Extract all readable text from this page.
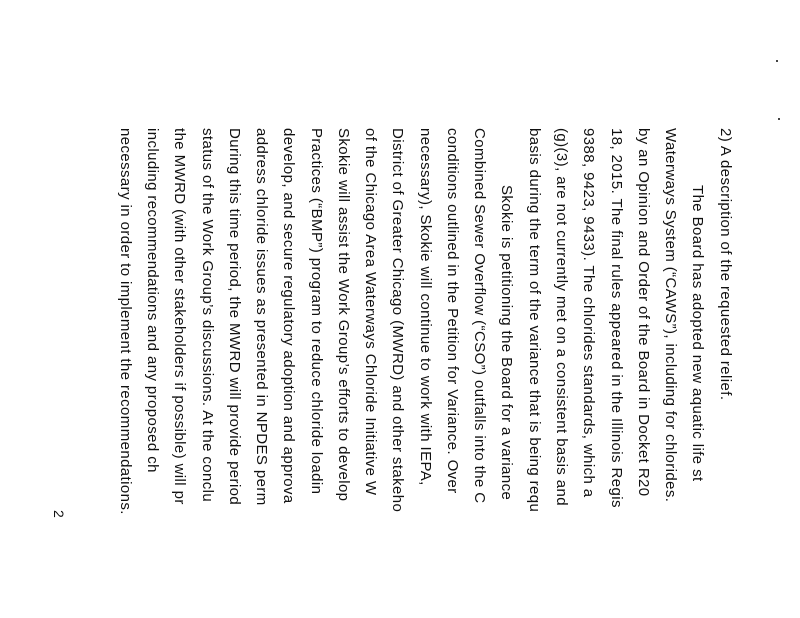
2) A description of the requested relief.
The Board has adopted new aquatic life st
Waterways System (“CAWS”), including for chlorides.
by an Opinion and Order of the Board in Docket R20
18, 2015. The final rules appeared in the Illinois Regis
9388, 9423, 9433). The chlorides standards, which a
(g)(3), are not currently met on a consistent basis and
basis during the term of the variance that is being requ
Skokie is petitioning the Board for a variance
Combined Sewer Overflow (“CSO”) outfalls into the C
conditions outlined in the Petition for Variance. Over
necessary), Skokie will continue to work with IEPA,
District of Greater Chicago (MWRD) and other stakeho
of the Chicago Area Waterways Chloride Initiative W
Skokie will assist the Work Group’s efforts to develop
Practices (“BMP”) program to reduce chloride loadin
develop, and secure regulatory adoption and approva
address chloride issues as presented in NPDES perm
During this time period, the MWRD will provide period
status of the Work Group’s discussions. At the conclu
the MWRD (with other stakeholders if possible) will pr
including recommendations and any proposed ch
necessary in order to implement the recommendations.
2
